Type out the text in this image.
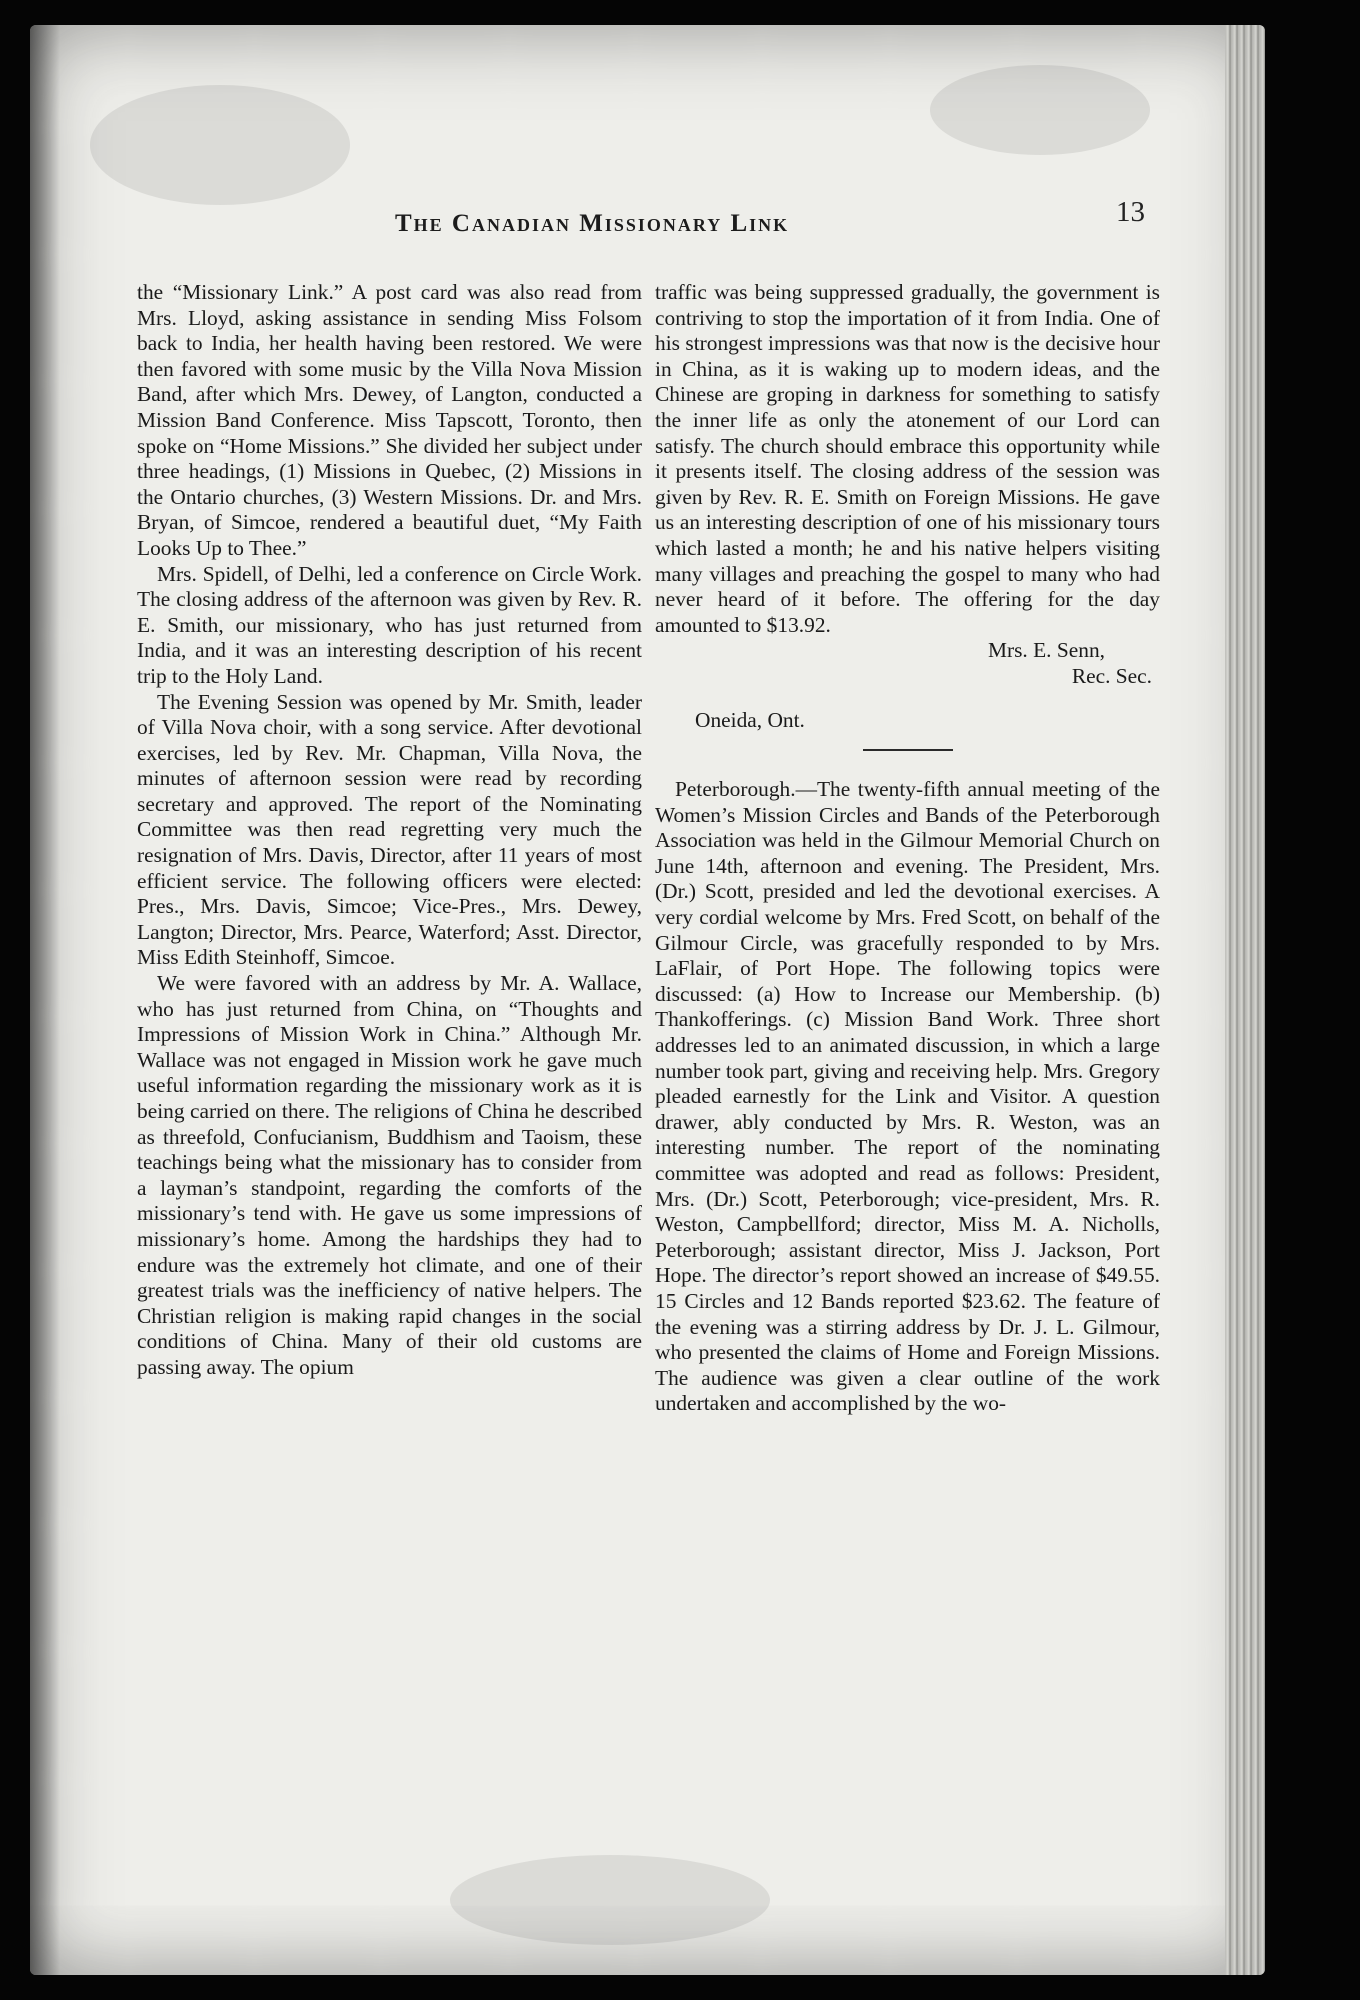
The Canadian Missionary Link	13

the “Missionary Link.” A post card was also read from Mrs. Lloyd, asking assistance in sending Miss Folsom back to India, her health having been restored. We were then favored with some music by the Villa Nova Mission Band, after which Mrs. Dewey, of Langton, conducted a Mission Band Conference. Miss Tapscott, Toronto, then spoke on “Home Missions.” She divided her subject under three headings, (1) Missions in Quebec, (2) Missions in the Ontario churches, (3) Western Missions. Dr. and Mrs. Bryan, of Simcoe, rendered a beautiful duet, “My Faith Looks Up to Thee.”

Mrs. Spidell, of Delhi, led a conference on Circle Work. The closing address of the afternoon was given by Rev. R. E. Smith, our missionary, who has just returned from India, and it was an interesting description of his recent trip to the Holy Land.

The Evening Session was opened by Mr. Smith, leader of Villa Nova choir, with a song service. After devotional exercises, led by Rev. Mr. Chapman, Villa Nova, the minutes of afternoon session were read by recording secretary and approved. The report of the Nominating Committee was then read regretting very much the resignation of Mrs. Davis, Director, after 11 years of most efficient service. The following officers were elected: Pres., Mrs. Davis, Simcoe; Vice-Pres., Mrs. Dewey, Langton; Director, Mrs. Pearce, Waterford; Asst. Director, Miss Edith Steinhoff, Simcoe.

We were favored with an address by Mr. A. Wallace, who has just returned from China, on “Thoughts and Impressions of Mission Work in China.” Although Mr. Wallace was not engaged in Mission work he gave much useful information regarding the missionary work as it is being carried on there. The religions of China he described as threefold, Confucianism, Buddhism and Taoism, these teachings being what the missionary has to consider from a layman’s standpoint, regarding the comforts of the missionary’s tend with. He gave us some impressions of missionary’s home. Among the hardships they had to endure was the extremely hot climate, and one of their greatest trials was the inefficiency of native helpers. The Christian religion is making rapid changes in the social conditions of China. Many of their old customs are passing away. The opium

traffic was being suppressed gradually, the government is contriving to stop the importation of it from India. One of his strongest impressions was that now is the decisive hour in China, as it is waking up to modern ideas, and the Chinese are groping in darkness for something to satisfy the inner life as only the atonement of our Lord can satisfy. The church should embrace this opportunity while it presents itself. The closing address of the session was given by Rev. R. E. Smith on Foreign Missions. He gave us an interesting description of one of his missionary tours which lasted a month; he and his native helpers visiting many villages and preaching the gospel to many who had never heard of it before. The offering for the day amounted to $13.92.

Mrs. E. Senn,
Rec. Sec.
Oneida, Ont.

Peterborough.—The twenty-fifth annual meeting of the Women’s Mission Circles and Bands of the Peterborough Association was held in the Gilmour Memorial Church on June 14th, afternoon and evening. The President, Mrs. (Dr.) Scott, presided and led the devotional exercises. A very cordial welcome by Mrs. Fred Scott, on behalf of the Gilmour Circle, was gracefully responded to by Mrs. LaFlair, of Port Hope. The following topics were discussed: (a) How to Increase our Membership. (b) Thankofferings. (c) Mission Band Work. Three short addresses led to an animated discussion, in which a large number took part, giving and receiving help. Mrs. Gregory pleaded earnestly for the Link and Visitor. A question drawer, ably conducted by Mrs. R. Weston, was an interesting number. The report of the nominating committee was adopted and read as follows: President, Mrs. (Dr.) Scott, Peterborough; vice-president, Mrs. R. Weston, Campbellford; director, Miss M. A. Nicholls, Peterborough; assistant director, Miss J. Jackson, Port Hope. The director’s report showed an increase of $49.55. 15 Circles and 12 Bands reported $23.62. The feature of the evening was a stirring address by Dr. J. L. Gilmour, who presented the claims of Home and Foreign Missions. The audience was given a clear outline of the work undertaken and accomplished by the wo-
